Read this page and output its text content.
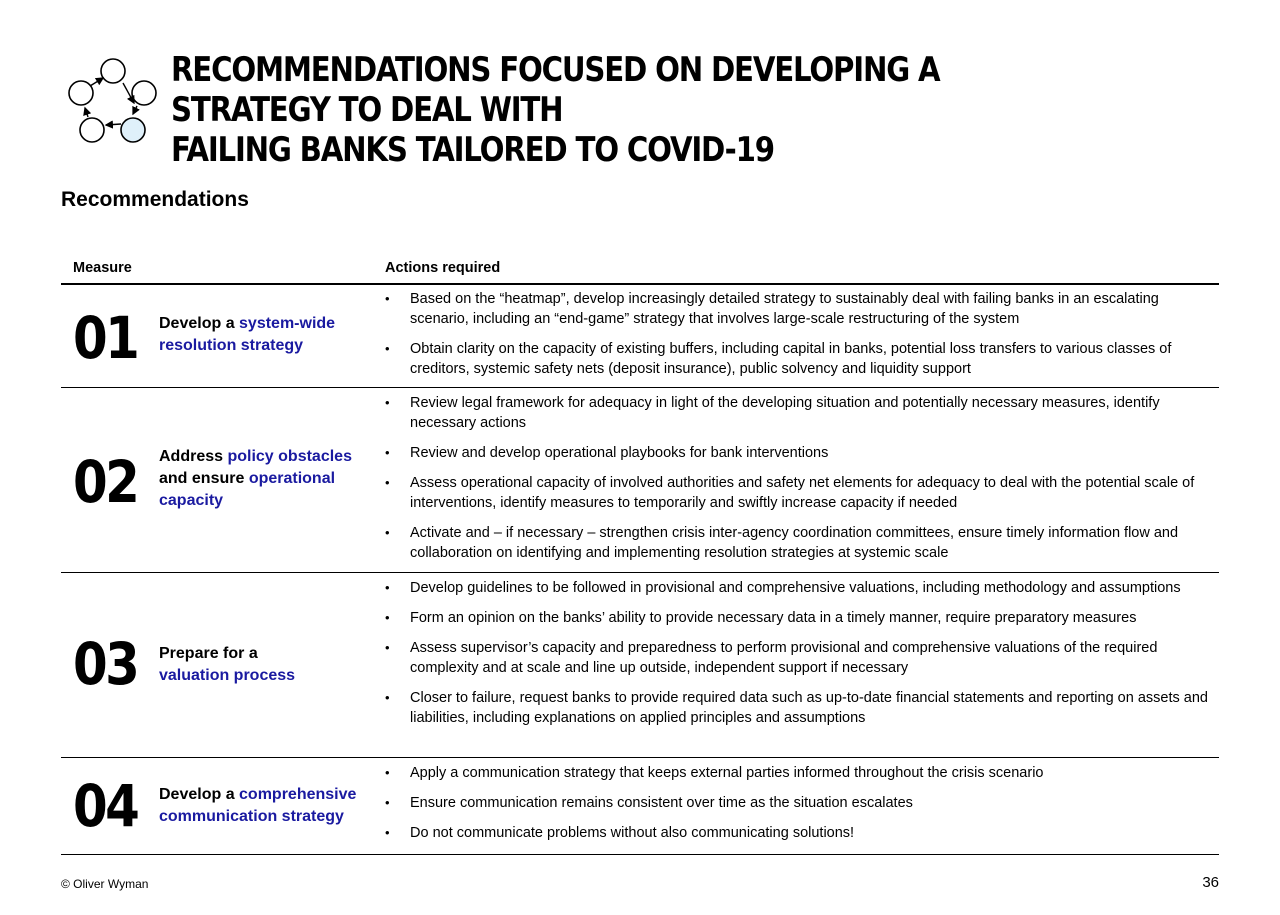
RECOMMENDATIONS FOCUSED ON DEVELOPING A STRATEGY TO DEAL WITH
FAILING BANKS TAILORED TO COVID-19
Recommendations
Measure	Actions required
01 Develop a system-wide resolution strategy
• Based on the “heatmap”, develop increasingly detailed strategy to sustainably deal with failing banks in an escalating scenario, including an “end-game” strategy that involves large-scale restructuring of the system
• Obtain clarity on the capacity of existing buffers, including capital in banks, potential loss transfers to various classes of creditors, systemic safety nets (deposit insurance), public solvency and liquidity support
02 Address policy obstacles and ensure operational capacity
• Review legal framework for adequacy in light of the developing situation and potentially necessary measures, identify necessary actions
• Review and develop operational playbooks for bank interventions
• Assess operational capacity of involved authorities and safety net elements for adequacy to deal with the potential scale of interventions, identify measures to temporarily and swiftly increase capacity if needed
• Activate and – if necessary – strengthen crisis inter-agency coordination committees, ensure timely information flow and collaboration on identifying and implementing resolution strategies at systemic scale
03 Prepare for a
valuation process
• Develop guidelines to be followed in provisional and comprehensive valuations, including methodology and assumptions
• Form an opinion on the banks’ ability to provide necessary data in a timely manner, require preparatory measures
• Assess supervisor’s capacity and preparedness to perform provisional and comprehensive valuations of the required complexity and at scale and line up outside, independent support if necessary
• Closer to failure, request banks to provide required data such as up-to-date financial statements and reporting on assets and liabilities, including explanations on applied principles and assumptions
04 Develop a comprehensive communication strategy
• Apply a communication strategy that keeps external parties informed throughout the crisis scenario
• Ensure communication remains consistent over time as the situation escalates
• Do not communicate problems without also communicating solutions!
© Oliver Wyman	36
